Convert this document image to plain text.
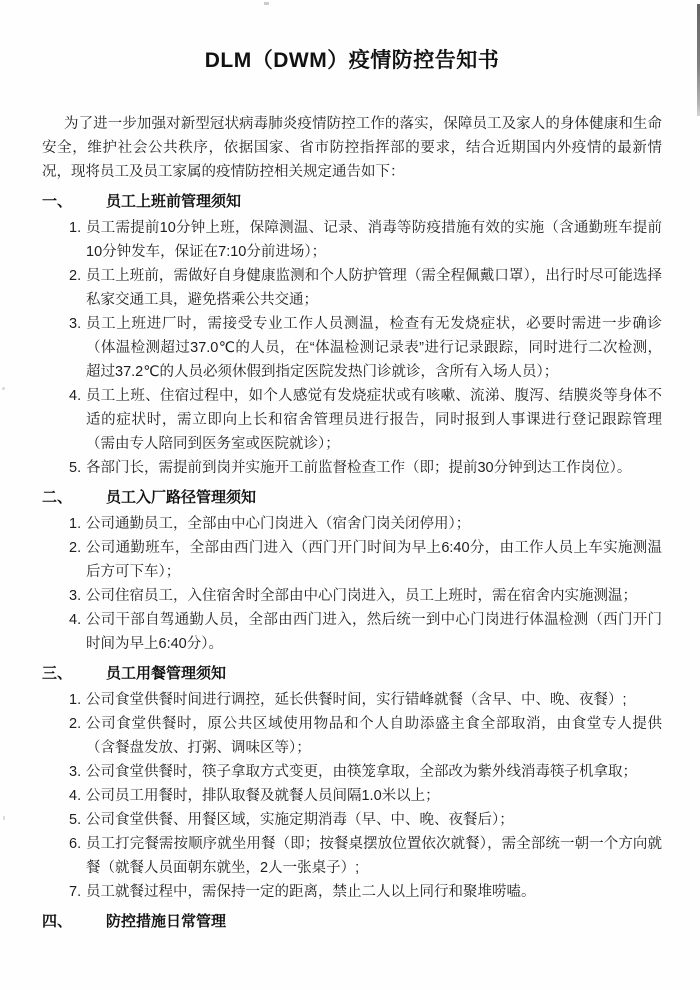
DLM（DWM）疫情防控告知书

为了进一步加强对新型冠状病毒肺炎疫情防控工作的落实，保障员工及家人的身体健康和生命安全，维护社会公共秩序，依据国家、省市防控指挥部的要求，结合近期国内外疫情的最新情况，现将员工及员工家属的疫情防控相关规定通告如下：

一、	员工上班前管理须知
1. 员工需提前10分钟上班，保障测温、记录、消毒等防疫措施有效的实施（含通勤班车提前10分钟发车，保证在7:10分前进场）；
2. 员工上班前，需做好自身健康监测和个人防护管理（需全程佩戴口罩），出行时尽可能选择私家交通工具，避免搭乘公共交通；
3. 员工上班进厂时，需接受专业工作人员测温，检查有无发烧症状，必要时需进一步确诊（体温检测超过37.0℃的人员，在“体温检测记录表”进行记录跟踪，同时进行二次检测，超过37.2℃的人员必须休假到指定医院发热门诊就诊，含所有入场人员）；
4. 员工上班、住宿过程中，如个人感觉有发烧症状或有咳嗽、流涕、腹泻、结膜炎等身体不适的症状时，需立即向上长和宿舍管理员进行报告，同时报到人事课进行登记跟踪管理（需由专人陪同到医务室或医院就诊）；
5. 各部门长，需提前到岗并实施开工前监督检查工作（即；提前30分钟到达工作岗位）。
二、	员工入厂路径管理须知
1. 公司通勤员工，全部由中心门岗进入（宿舍门岗关闭停用）；
2. 公司通勤班车，全部由西门进入（西门开门时间为早上6:40分，由工作人员上车实施测温后方可下车）；
3. 公司住宿员工，入住宿舍时全部由中心门岗进入，员工上班时，需在宿舍内实施测温；
4. 公司干部自驾通勤人员，全部由西门进入，然后统一到中心门岗进行体温检测（西门开门时间为早上6:40分）。
三、	员工用餐管理须知
1. 公司食堂供餐时间进行调控，延长供餐时间，实行错峰就餐（含早、中、晚、夜餐）;
2. 公司食堂供餐时，原公共区域使用物品和个人自助添盛主食全部取消，由食堂专人提供（含餐盘发放、打粥、调味区等）；
3. 公司食堂供餐时，筷子拿取方式变更，由筷笼拿取，全部改为紫外线消毒筷子机拿取；
4. 公司员工用餐时，排队取餐及就餐人员间隔1.0米以上；
5. 公司食堂供餐、用餐区域，实施定期消毒（早、中、晚、夜餐后）；
6. 员工打完餐需按顺序就坐用餐（即；按餐桌摆放位置依次就餐），需全部统一朝一个方向就餐（就餐人员面朝东就坐，2人一张桌子）;
7. 员工就餐过程中，需保持一定的距离，禁止二人以上同行和聚堆唠嗑。
四、	防控措施日常管理
